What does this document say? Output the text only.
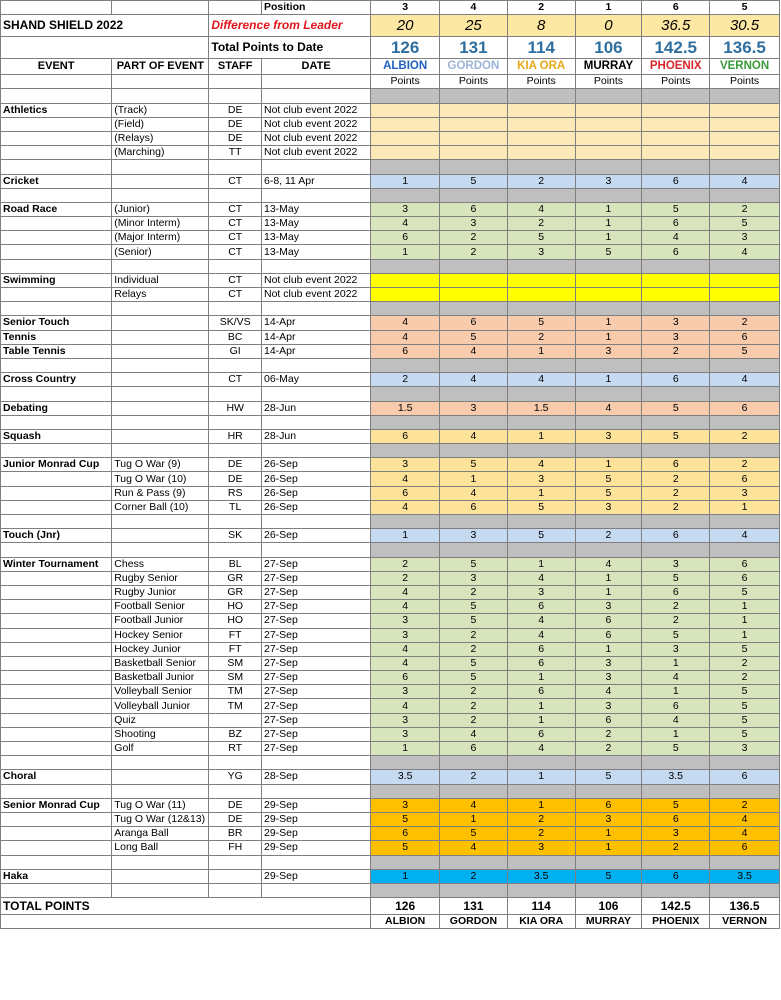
			Position	3	4	2	1	6	5
SHAND SHIELD 2022		Difference from Leader		20	25	8	0	36.5	30.5
		Total Points to Date		126	131	114	106	142.5	136.5
EVENT	PART OF EVENT	STAFF	DATE	ALBION	GORDON	KIA ORA	MURRAY	PHOENIX	VERNON
				Points	Points	Points	Points	Points	Points

Athletics	(Track)	DE	Not club event 2022						
	(Field)	DE	Not club event 2022						
	(Relays)	DE	Not club event 2022						
	(Marching)	TT	Not club event 2022						

Cricket		CT	6-8, 11 Apr	1	5	2	3	6	4

Road Race	(Junior)	CT	13-May	3	6	4	1	5	2
	(Minor Interm)	CT	13-May	4	3	2	1	6	5
	(Major Interm)	CT	13-May	6	2	5	1	4	3
	(Senior)	CT	13-May	1	2	3	5	6	4

Swimming	Individual	CT	Not club event 2022						
	Relays	CT	Not club event 2022						

Senior Touch		SK/VS	14-Apr	4	6	5	1	3	2
Tennis		BC	14-Apr	4	5	2	1	3	6
Table Tennis		GI	14-Apr	6	4	1	3	2	5

Cross Country		CT	06-May	2	4	4	1	6	4

Debating		HW	28-Jun	1.5	3	1.5	4	5	6

Squash		HR	28-Jun	6	4	1	3	5	2

Junior Monrad Cup	Tug O War (9)	DE	26-Sep	3	5	4	1	6	2
	Tug O War (10)	DE	26-Sep	4	1	3	5	2	6
	Run & Pass (9)	RS	26-Sep	6	4	1	5	2	3
	Corner Ball (10)	TL	26-Sep	4	6	5	3	2	1

Touch (Jnr)		SK	26-Sep	1	3	5	2	6	4

Winter Tournament	Chess	BL	27-Sep	2	5	1	4	3	6
	Rugby Senior	GR	27-Sep	2	3	4	1	5	6
	Rugby Junior	GR	27-Sep	4	2	3	1	6	5
	Football Senior	HO	27-Sep	4	5	6	3	2	1
	Football Junior	HO	27-Sep	3	5	4	6	2	1
	Hockey Senior	FT	27-Sep	3	2	4	6	5	1
	Hockey Junior	FT	27-Sep	4	2	6	1	3	5
	Basketball Senior	SM	27-Sep	4	5	6	3	1	2
	Basketball Junior	SM	27-Sep	6	5	1	3	4	2
	Volleyball Senior	TM	27-Sep	3	2	6	4	1	5
	Volleyball Junior	TM	27-Sep	4	2	1	3	6	5
	Quiz		27-Sep	3	2	1	6	4	5
	Shooting	BZ	27-Sep	3	4	6	2	1	5
	Golf	RT	27-Sep	1	6	4	2	5	3

Choral		YG	28-Sep	3.5	2	1	5	3.5	6

Senior Monrad Cup	Tug O War (11)	DE	29-Sep	3	4	1	6	5	2
	Tug O War (12&13)	DE	29-Sep	5	1	2	3	6	4
	Aranga Ball	BR	29-Sep	6	5	2	1	3	4
	Long Ball	FH	29-Sep	5	4	3	1	2	6

Haka			29-Sep	1	2	3.5	5	6	3.5

TOTAL POINTS				126	131	114	106	142.5	136.5
				ALBION	GORDON	KIA ORA	MURRAY	PHOENIX	VERNON
